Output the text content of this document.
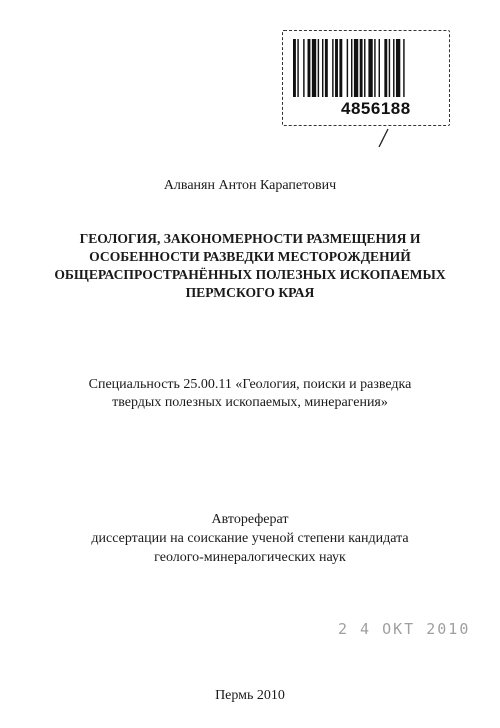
4856188
Алванян Антон Карапетович
ГЕОЛОГИЯ, ЗАКОНОМЕРНОСТИ РАЗМЕЩЕНИЯ И
ОСОБЕННОСТИ РАЗВЕДКИ МЕСТОРОЖДЕНИЙ
ОБЩЕРАСПРОСТРАНЁННЫХ ПОЛЕЗНЫХ ИСКОПАЕМЫХ
ПЕРМСКОГО КРАЯ
Специальность 25.00.11 «Геология, поиски и разведка
твердых полезных ископаемых, минерагения»
Автореферат
диссертации на соискание ученой степени кандидата
геолого-минералогических наук
2 4 ОКТ 2010
Пермь 2010
